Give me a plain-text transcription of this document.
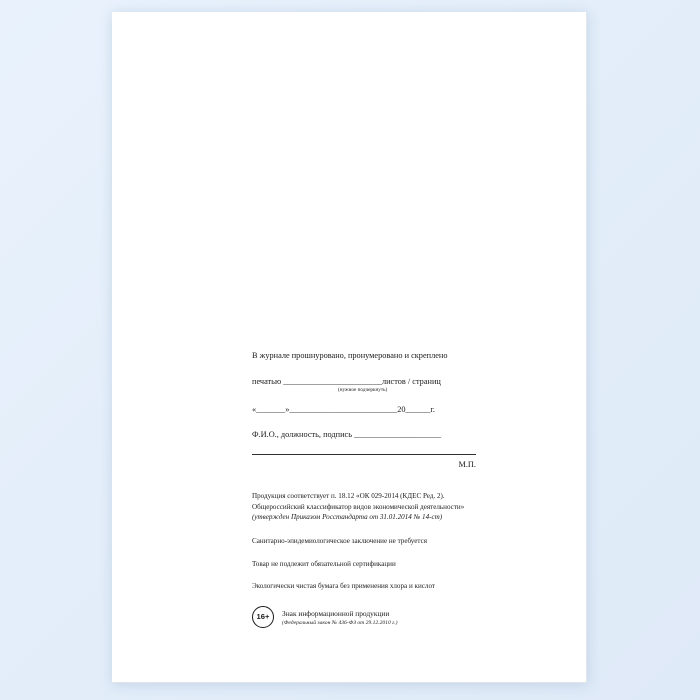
В журнале прошнуровано, пронумеровано и скреплено
печатью _________________________листов / страниц
(нужное подчеркнуть)
«_______»__________________________20______г.
Ф.И.О., должность, подпись ______________________
М.П.
Продукция соответствует п. 18.12 «ОК 029-2014 (КДЕС Ред. 2).
Общероссийский классификатор видов экономической деятельности»
(утвержден Приказом Росстандарта от 31.01.2014 № 14-ст)
Санитарно-эпидемиологическое заключение не требуется
Товар не подлежит обязательной сертификации
Экологически чистая бумага без применения хлора и кислот
16+	Знак информационной продукции
(Федеральный закон № 436-ФЗ от 29.12.2010 г.)
